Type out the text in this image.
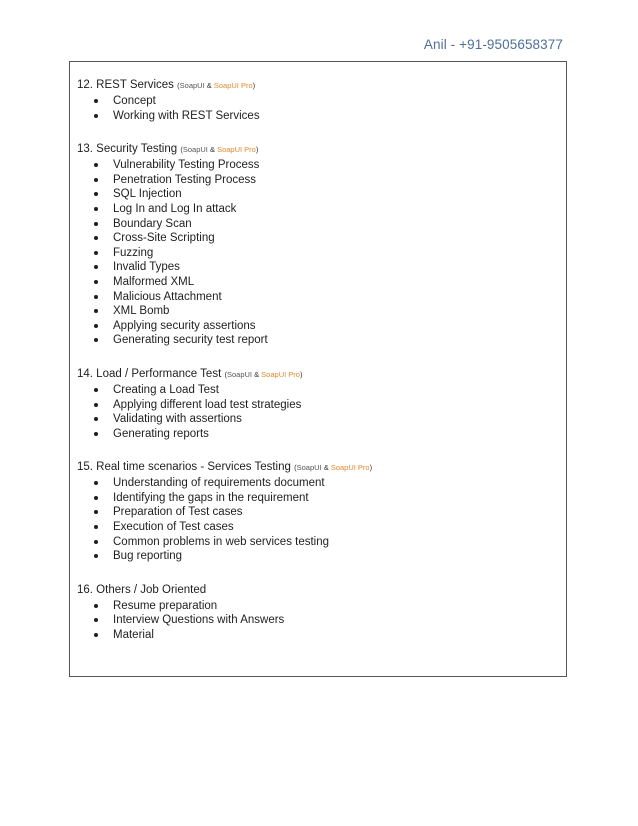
Anil - +91-9505658377
12. REST Services (SoapUI & SoapUI Pro)
Concept
Working with REST Services
13. Security Testing (SoapUI & SoapUI Pro)
Vulnerability Testing Process
Penetration Testing Process
SQL Injection
Log In and Log In attack
Boundary Scan
Cross-Site Scripting
Fuzzing
Invalid Types
Malformed XML
Malicious Attachment
XML Bomb
Applying security assertions
Generating security test report
14. Load / Performance Test (SoapUI & SoapUI Pro)
Creating a Load Test
Applying different load test strategies
Validating with assertions
Generating reports
15. Real time scenarios - Services Testing (SoapUI & SoapUI Pro)
Understanding of requirements document
Identifying the gaps in the requirement
Preparation of Test cases
Execution of Test cases
Common problems in web services testing
Bug reporting
16. Others / Job Oriented
Resume preparation
Interview Questions with Answers
Material
